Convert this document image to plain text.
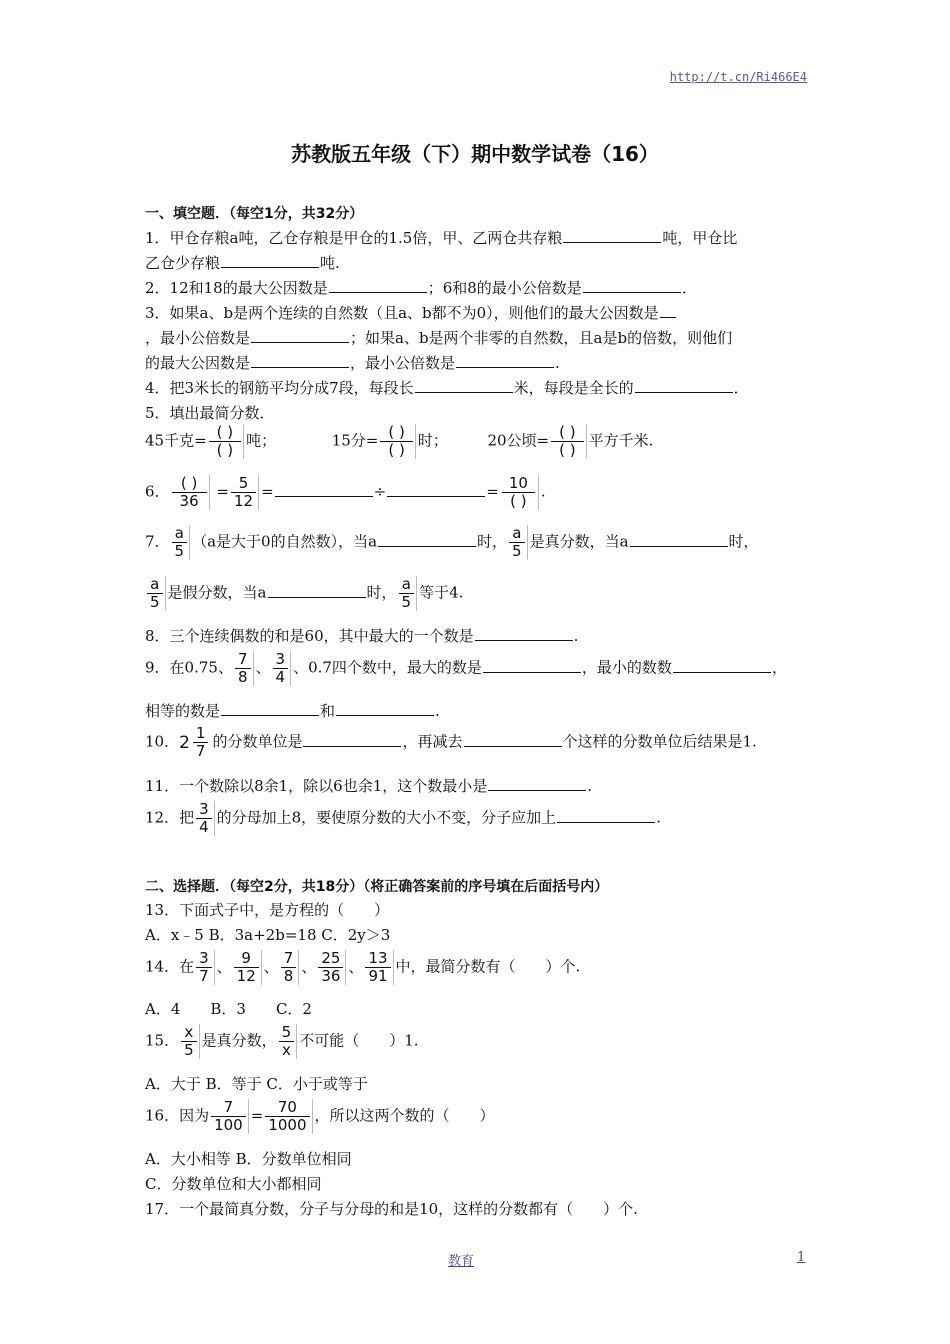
http://t.cn/Ri466E4
苏教版五年级（下）期中数学试卷（16）
一、填空题．（每空1分，共32分）
1．甲仓存粮a吨，乙仓存粮是甲仓的1.5倍，甲、乙两仓共存粮	吨，甲仓比
乙仓少存粮	吨.
2．12和18的最大公因数是	；6和8的最小公倍数是	．
3．如果a、b是两个连续的自然数（且a、b都不为0），则他们的最大公因数是
，最小公倍数是	；如果a、b是两个非零的自然数，且a是b的倍数，则他们
的最大公因数是	，最小公倍数是	.
4．把3米长的钢筋平均分成7段，每段长	米，每段是全长的	．
5．填出最简分数．
45千克= $\frac{( )}{( )}$ 吨；	15分= $\frac{( )}{( )}$ 时；	20公顷= $\frac{( )}{( )}$ 平方千米.
6． $\frac{( )}{36} = \frac{5}{12}$ =	÷	= $\frac{10}{( )}$ .
7． $\frac{a}{5} (a$是大于0的自然数），当a	时， $\frac{a}{5}$ 是真分数，当a	时，
$\frac{a}{5}$ 是假分数，当a	时， $\frac{a}{5}$ 等于4.
8．三个连续偶数的和是60，其中最大的一个数是	.
9．在0.75、 $\frac{7}{8}$ 、 $\frac{3}{4}$ 、0.7四个数中，最大的数是	，最小的数数	，
相等的数是	和	.
10． $2 \frac{1}{7}$ 的分数单位是	，再减去	个这样的分数单位后结果是1.
11．一个数除以8余1，除以6也余1，这个数最小是	.
12．把 $\frac{3}{4}$ 的分母加上8，要使原分数的大小不变，分子应加上	.
二、选择题．（每空2分，共18分）（将正确答案前的序号填在后面括号内）
13．下面式子中，是方程的（　　）
A．x﹣5 B．3a+2b=18 C．2y＞3
14．在 $\frac{3}{7}$ 、 $\frac{9}{12}$ 、 $\frac{7}{8}$ 、 $\frac{25}{36}$ 、 $\frac{13}{91}$ 中，最简分数有（　　）个.
A．4　　B．3　　C．2
15． $\frac{x}{5}$ 是真分数， $\frac{5}{x}$ 不可能（　　）1.
A．大于 B．等于 C．小于或等于
16．因为 $\frac{7}{100} = \frac{70}{1000}$ ，所以这两个数的（　　）
A．大小相等 B．分数单位相同
C．分数单位和大小都相同
17．一个最简真分数，分子与分母的和是10，这样的分数都有（　　）个.
教育	1
